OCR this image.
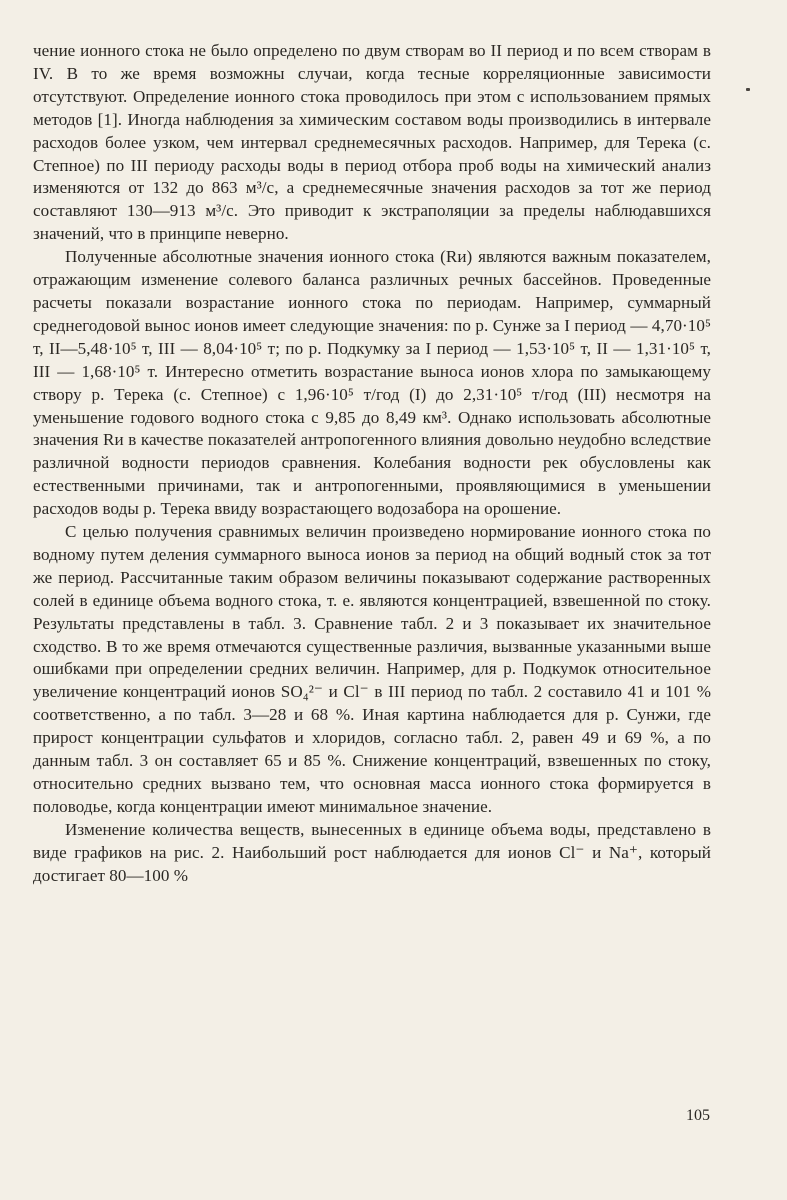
чение ионного стока не было определено по двум створам во II период и по всем створам в IV. В то же время возможны случаи, когда тесные корреляционные зависимости отсутствуют. Определение ионного стока проводилось при этом с использованием прямых методов [1]. Иногда наблюдения за химическим составом воды производились в интервале расходов более узком, чем интервал среднемесячных расходов. Например, для Терека (с. Степное) по III периоду расходы воды в период отбора проб воды на химический анализ изменяются от 132 до 863 м³/с, а среднемесячные значения расходов за тот же период составляют 130—913 м³/с. Это приводит к экстраполяции за пределы наблюдавшихся значений, что в принципе неверно.

Полученные абсолютные значения ионного стока (Rи) являются важным показателем, отражающим изменение солевого баланса различных речных бассейнов. Проведенные расчеты показали возрастание ионного стока по периодам. Например, суммарный среднегодовой вынос ионов имеет следующие значения: по р. Сунже за I период — 4,70·10⁵ т, II—5,48·10⁵ т, III — 8,04·10⁵ т; по р. Подкумку за I период — 1,53·10⁵ т, II — 1,31·10⁵ т, III — 1,68·10⁵ т. Интересно отметить возрастание выноса ионов хлора по замыкающему створу р. Терека (с. Степное) с 1,96·10⁵ т/год (I) до 2,31·10⁵ т/год (III) несмотря на уменьшение годового водного стока с 9,85 до 8,49 км³. Однако использовать абсолютные значения Rи в качестве показателей антропогенного влияния довольно неудобно вследствие различной водности периодов сравнения. Колебания водности рек обусловлены как естественными причинами, так и антропогенными, проявляющимися в уменьшении расходов воды р. Терека ввиду возрастающего водозабора на орошение.

С целью получения сравнимых величин произведено нормирование ионного стока по водному путем деления суммарного выноса ионов за период на общий водный сток за тот же период. Рассчитанные таким образом величины показывают содержание растворенных солей в единице объема водного стока, т. е. являются концентрацией, взвешенной по стоку. Результаты представлены в табл. 3. Сравнение табл. 2 и 3 показывает их значительное сходство. В то же время отмечаются существенные различия, вызванные указанными выше ошибками при определении средних величин. Например, для р. Подкумок относительное увеличение концентраций ионов SO₄²⁻ и Cl⁻ в III период по табл. 2 составило 41 и 101 % соответственно, а по табл. 3—28 и 68 %. Иная картина наблюдается для р. Сунжи, где прирост концентрации сульфатов и хлоридов, согласно табл. 2, равен 49 и 69 %, а по данным табл. 3 он составляет 65 и 85 %. Снижение концентраций, взвешенных по стоку, относительно средних вызвано тем, что основная масса ионного стока формируется в половодье, когда концентрации имеют минимальное значение.

Изменение количества веществ, вынесенных в единице объема воды, представлено в виде графиков на рис. 2. Наибольший рост наблюдается для ионов Cl⁻ и Na⁺, который достигает 80—100 %

105
